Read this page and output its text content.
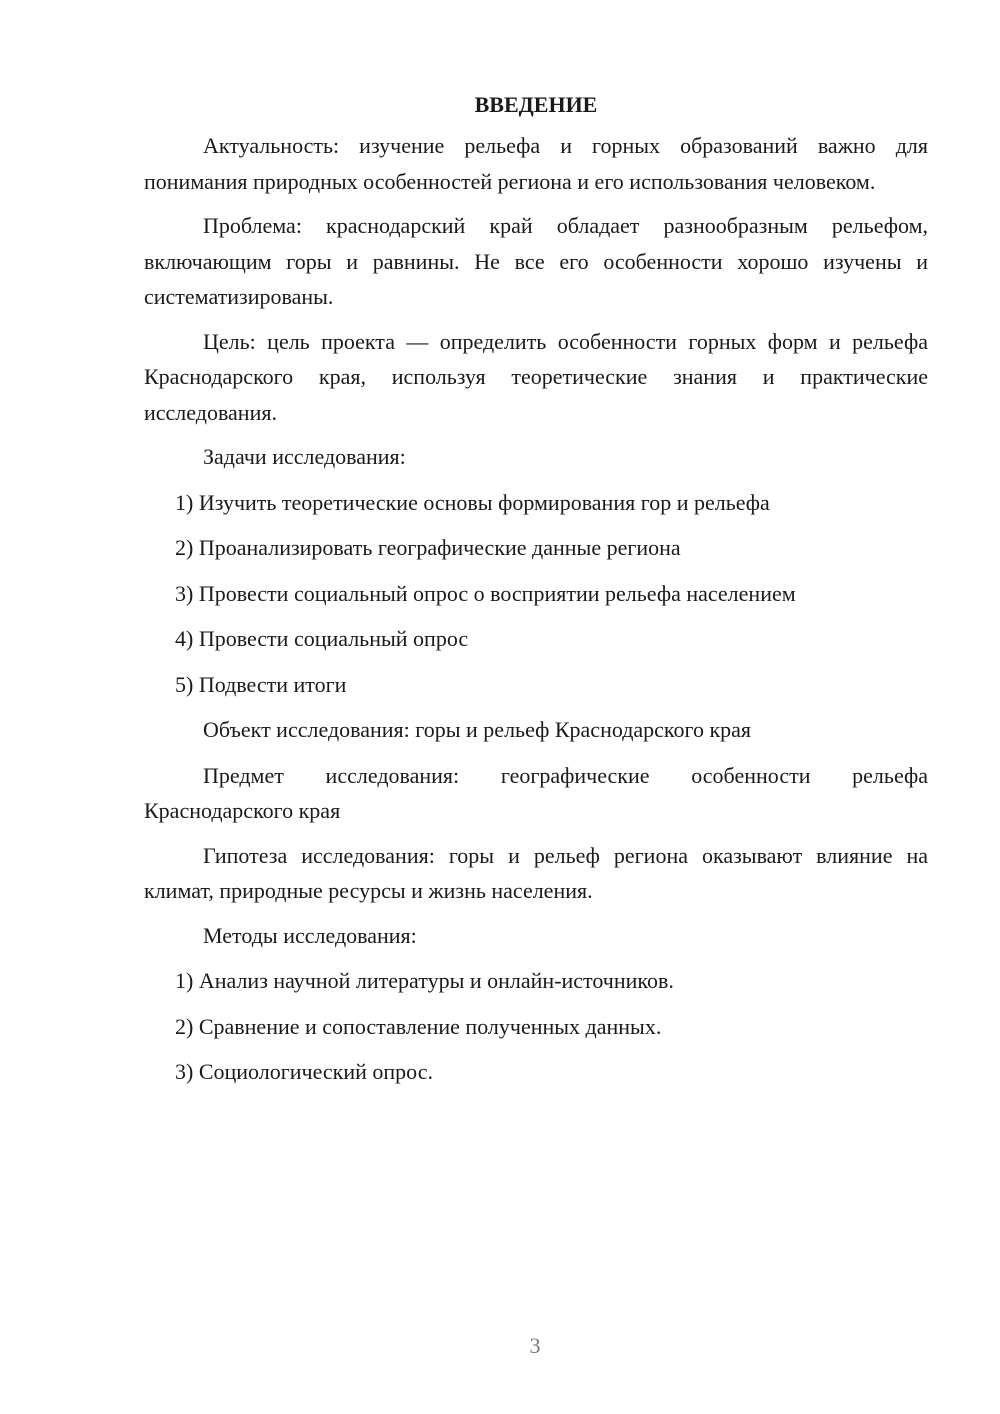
ВВЕДЕНИЕ

Актуальность: изучение рельефа и горных образований важно для понимания природных особенностей региона и его использования человеком.

Проблема: краснодарский край обладает разнообразным рельефом, включающим горы и равнины. Не все его особенности хорошо изучены и систематизированы.

Цель: цель проекта — определить особенности горных форм и рельефа Краснодарского края, используя теоретические знания и практические исследования.

Задачи исследования:
1) Изучить теоретические основы формирования гор и рельефа
2) Проанализировать географические данные региона
3) Провести социальный опрос о восприятии рельефа населением
4) Провести социальный опрос
5) Подвести итоги
Объект исследования: горы и рельеф Краснодарского края

Предмет исследования: географические особенности рельефа Краснодарского края

Гипотеза исследования: горы и рельеф региона оказывают влияние на климат, природные ресурсы и жизнь населения.

Методы исследования:
1) Анализ научной литературы и онлайн-источников.
2) Сравнение и сопоставление полученных данных.
3) Социологический опрос.
3
